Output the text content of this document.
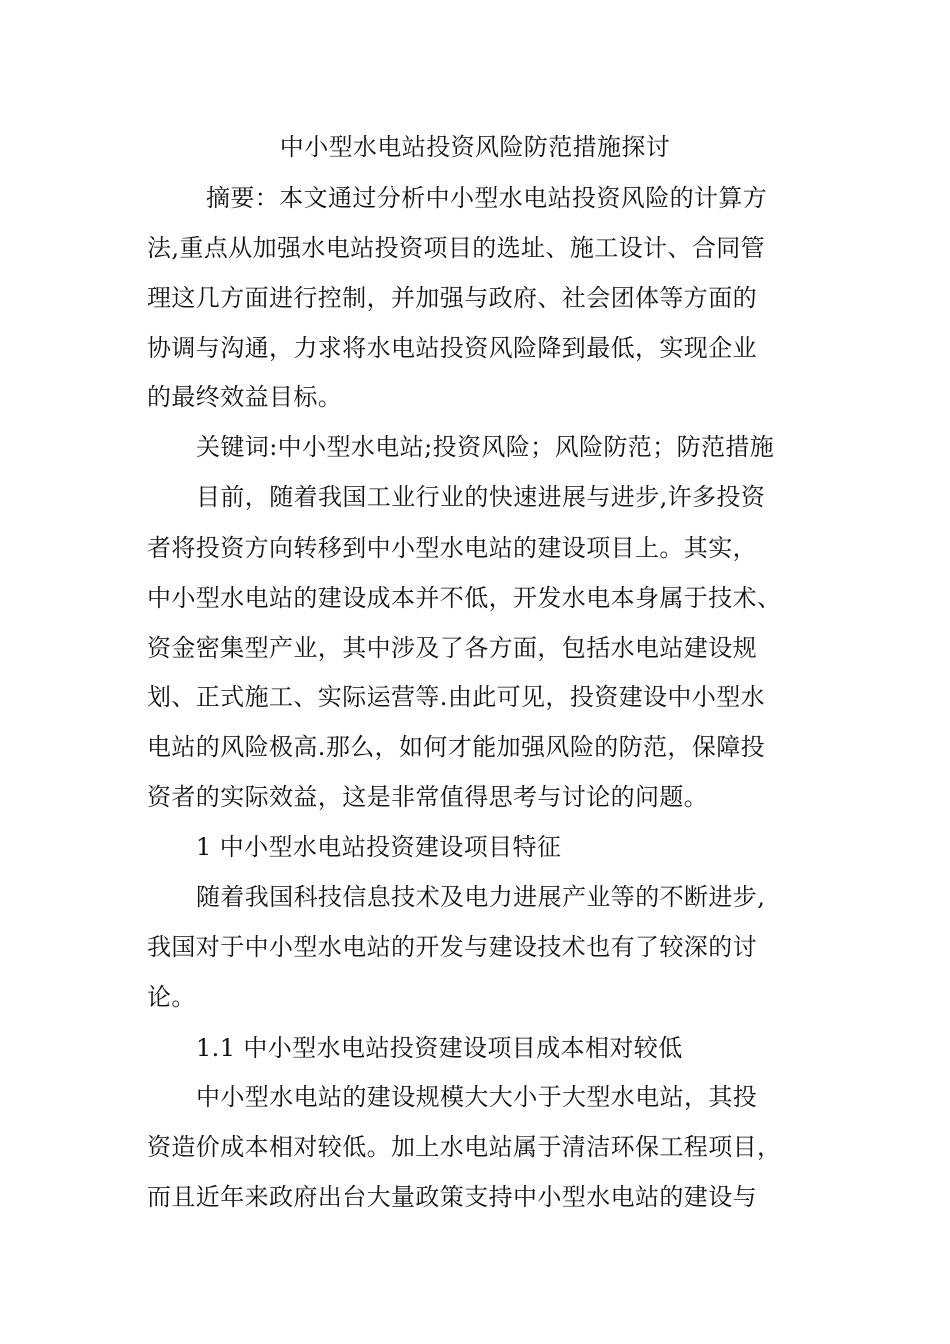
中小型水电站投资风险防范措施探讨
摘要：本文通过分析中小型水电站投资风险的计算方
法,重点从加强水电站投资项目的选址、施工设计、合同管
理这几方面进行控制，并加强与政府、社会团体等方面的
协调与沟通，力求将水电站投资风险降到最低，实现企业
的最终效益目标。
关键词:中小型水电站;投资风险；风险防范；防范措施
目前，随着我国工业行业的快速进展与进步,许多投资
者将投资方向转移到中小型水电站的建设项目上。其实，
中小型水电站的建设成本并不低，开发水电本身属于技术、
资金密集型产业，其中涉及了各方面，包括水电站建设规
划、正式施工、实际运营等.由此可见，投资建设中小型水
电站的风险极高.那么，如何才能加强风险的防范，保障投
资者的实际效益，这是非常值得思考与讨论的问题。
1 中小型水电站投资建设项目特征
随着我国科技信息技术及电力进展产业等的不断进步,
我国对于中小型水电站的开发与建设技术也有了较深的讨
论。
1.1 中小型水电站投资建设项目成本相对较低
中小型水电站的建设规模大大小于大型水电站，其投
资造价成本相对较低。加上水电站属于清洁环保工程项目，
而且近年来政府出台大量政策支持中小型水电站的建设与
